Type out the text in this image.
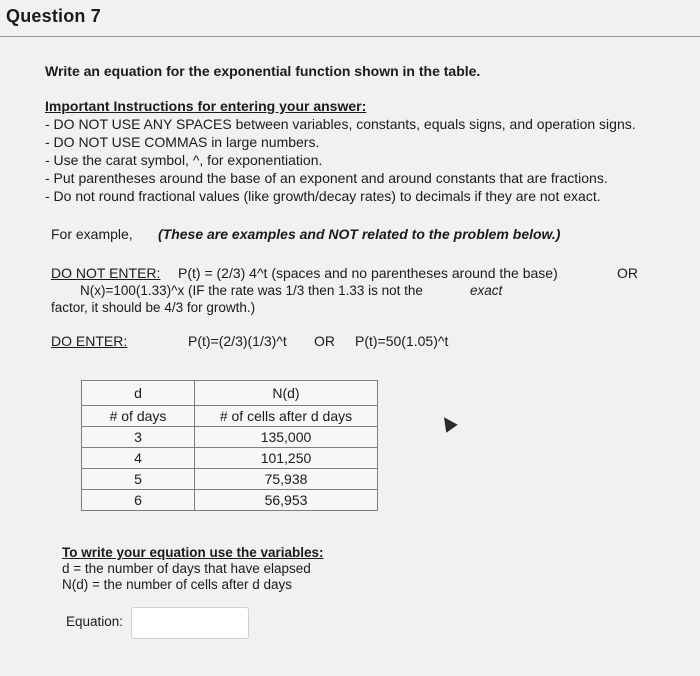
Question 7
Write an equation for the exponential function shown in the table.
Important Instructions for entering your answer:
- DO NOT USE ANY SPACES between variables, constants, equals signs, and operation signs.
- DO NOT USE COMMAS in large numbers.
- Use the carat symbol, ^, for exponentiation.
- Put parentheses around the base of an exponent and around constants that are fractions.
- Do not round fractional values (like growth/decay rates) to decimals if they are not exact.
For example, (These are examples and NOT related to the problem below.)
DO NOT ENTER: P(t) = (2/3) 4^t (spaces and no parentheses around the base)	OR
N(x)=100(1.33)^x (IF the rate was 1/3 then 1.33 is not the	exact
factor, it should be 4/3 for growth.)
DO ENTER:	P(t)=(2/3)(1/3)^t OR P(t)=50(1.05)^t
d	N(d)
# of days	# of cells after d days
3	135,000
4	101,250
5	75,938
6	56,953
To write your equation use the variables:
d = the number of days that have elapsed
N(d) = the number of cells after d days
Equation:
